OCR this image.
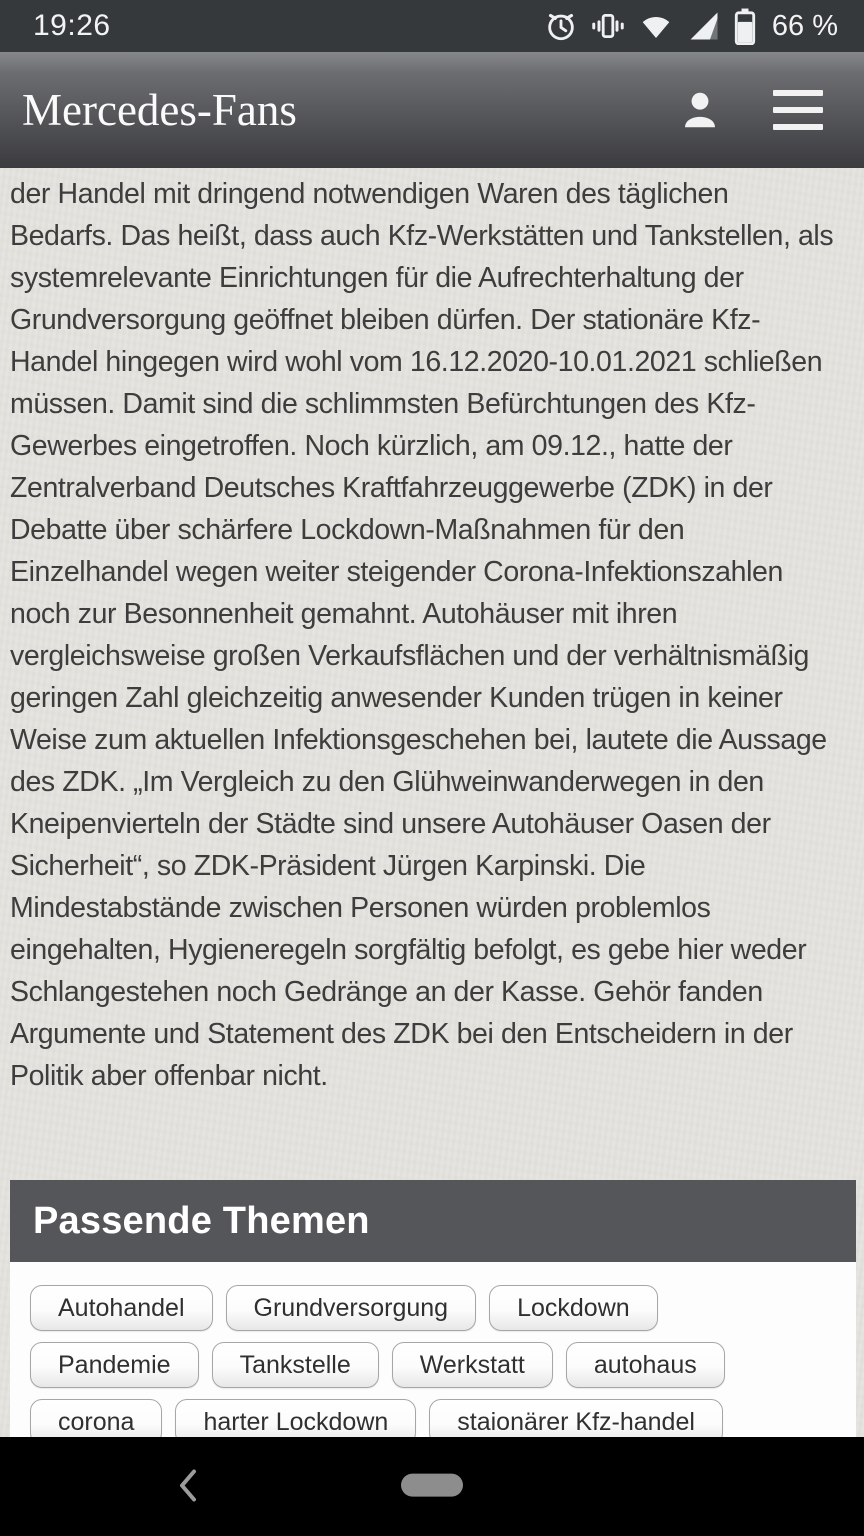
19:26	66 %
Mercedes-Fans

der Handel mit dringend notwendigen Waren des täglichen Bedarfs. Das heißt, dass auch Kfz-Werkstätten und Tankstellen, als systemrelevante Einrichtungen für die Aufrechterhaltung der Grundversorgung geöffnet bleiben dürfen. Der stationäre Kfz-Handel hingegen wird wohl vom 16.12.2020-10.01.2021 schließen müssen. Damit sind die schlimmsten Befürchtungen des Kfz-Gewerbes eingetroffen. Noch kürzlich, am 09.12., hatte der Zentralverband Deutsches Kraftfahrzeuggewerbe (ZDK) in der Debatte über schärfere Lockdown-Maßnahmen für den Einzelhandel wegen weiter steigender Corona-Infektionszahlen noch zur Besonnenheit gemahnt. Autohäuser mit ihren vergleichsweise großen Verkaufsflächen und der verhältnismäßig geringen Zahl gleichzeitig anwesender Kunden trügen in keiner Weise zum aktuellen Infektionsgeschehen bei, lautete die Aussage des ZDK. „Im Vergleich zu den Glühweinwanderwegen in den Kneipenvierteln der Städte sind unsere Autohäuser Oasen der Sicherheit“, so ZDK-Präsident Jürgen Karpinski. Die Mindestabstände zwischen Personen würden problemlos eingehalten, Hygieneregeln sorgfältig befolgt, es gebe hier weder Schlangestehen noch Gedränge an der Kasse. Gehör fanden Argumente und Statement des ZDK bei den Entscheidern in der Politik aber offenbar nicht.

Passende Themen
Autohandel	Grundversorgung	Lockdown
Pandemie	Tankstelle	Werkstatt	autohaus
corona	harter Lockdown	staionärer Kfz-handel
